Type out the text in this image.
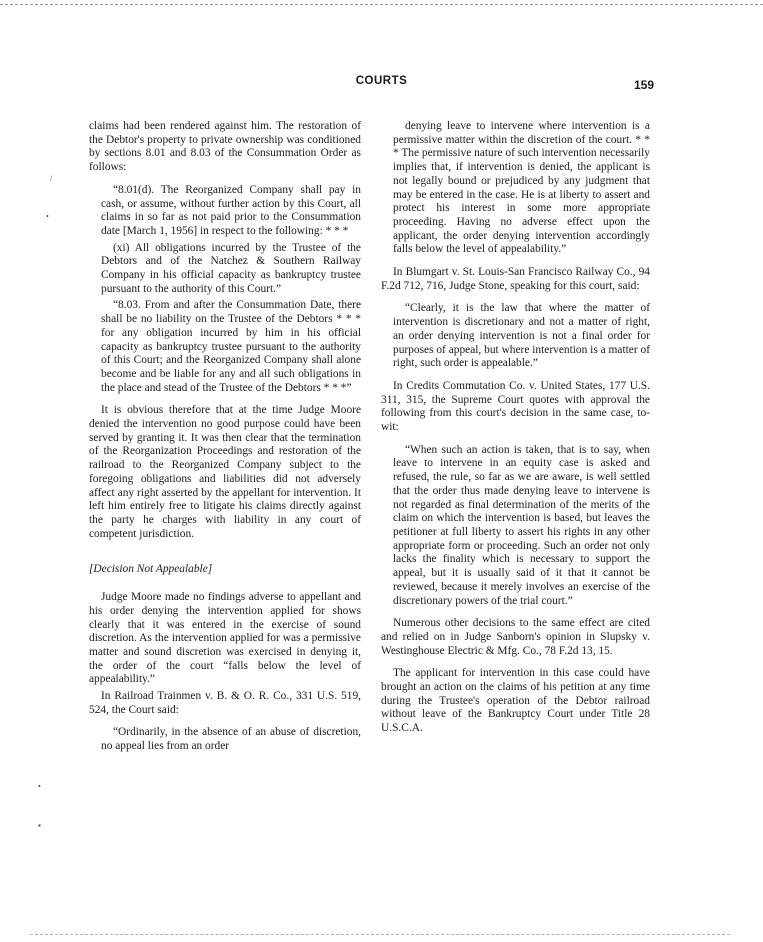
COURTS	159

claims had been rendered against him. The restoration of the Debtor's property to private ownership was conditioned by sections 8.01 and 8.03 of the Consummation Order as follows:

“8.01(d). The Reorganized Company shall pay in cash, or assume, without further action by this Court, all claims in so far as not paid prior to the Consummation date [March 1, 1956] in respect to the following: * * *

(xi) All obligations incurred by the Trustee of the Debtors and of the Natchez & Southern Railway Company in his official capacity as bankruptcy trustee pursuant to the authority of this Court.”

“8.03. From and after the Consummation Date, there shall be no liability on the Trustee of the Debtors * * * for any obligation incurred by him in his official capacity as bankruptcy trustee pursuant to the authority of this Court; and the Reorganized Company shall alone become and be liable for any and all such obligations in the place and stead of the Trustee of the Debtors * * *”

It is obvious therefore that at the time Judge Moore denied the intervention no good purpose could have been served by granting it. It was then clear that the termination of the Reorganization Proceedings and restoration of the railroad to the Reorganized Company subject to the foregoing obligations and liabilities did not adversely affect any right asserted by the appellant for intervention. It left him entirely free to litigate his claims directly against the party he charges with liability in any court of competent jurisdiction.

[Decision Not Appealable]

Judge Moore made no findings adverse to appellant and his order denying the intervention applied for shows clearly that it was entered in the exercise of sound discretion. As the intervention applied for was a permissive matter and sound discretion was exercised in denying it, the order of the court “falls below the level of appealability.”

In Railroad Trainmen v. B. & O. R. Co., 331 U.S. 519, 524, the Court said:

“Ordinarily, in the absence of an abuse of discretion, no appeal lies from an order

denying leave to intervene where intervention is a permissive matter within the discretion of the court. * * * The permissive nature of such intervention necessarily implies that, if intervention is denied, the applicant is not legally bound or prejudiced by any judgment that may be entered in the case. He is at liberty to assert and protect his interest in some more appropriate proceeding. Having no adverse effect upon the applicant, the order denying intervention accordingly falls below the level of appealability.”

In Blumgart v. St. Louis-San Francisco Railway Co., 94 F.2d 712, 716, Judge Stone, speaking for this court, said:

“Clearly, it is the law that where the matter of intervention is discretionary and not a matter of right, an order denying intervention is not a final order for purposes of appeal, but where intervention is a matter of right, such order is appealable.”

In Credits Commutation Co. v. United States, 177 U.S. 311, 315, the Supreme Court quotes with approval the following from this court's decision in the same case, to-wit:

“When such an action is taken, that is to say, when leave to intervene in an equity case is asked and refused, the rule, so far as we are aware, is well settled that the order thus made denying leave to intervene is not regarded as final determination of the merits of the claim on which the intervention is based, but leaves the petitioner at full liberty to assert his rights in any other appropriate form or proceeding. Such an order not only lacks the finality which is necessary to support the appeal, but it is usually said of it that it cannot be reviewed, because it merely involves an exercise of the discretionary powers of the trial court.”

Numerous other decisions to the same effect are cited and relied on in Judge Sanborn's opinion in Slupsky v. Westinghouse Electric & Mfg. Co., 78 F.2d 13, 15.

The applicant for intervention in this case could have brought an action on the claims of his petition at any time during the Trustee's operation of the Debtor railroad without leave of the Bankruptcy Court under Title 28 U.S.C.A.

/
•
•
▪
